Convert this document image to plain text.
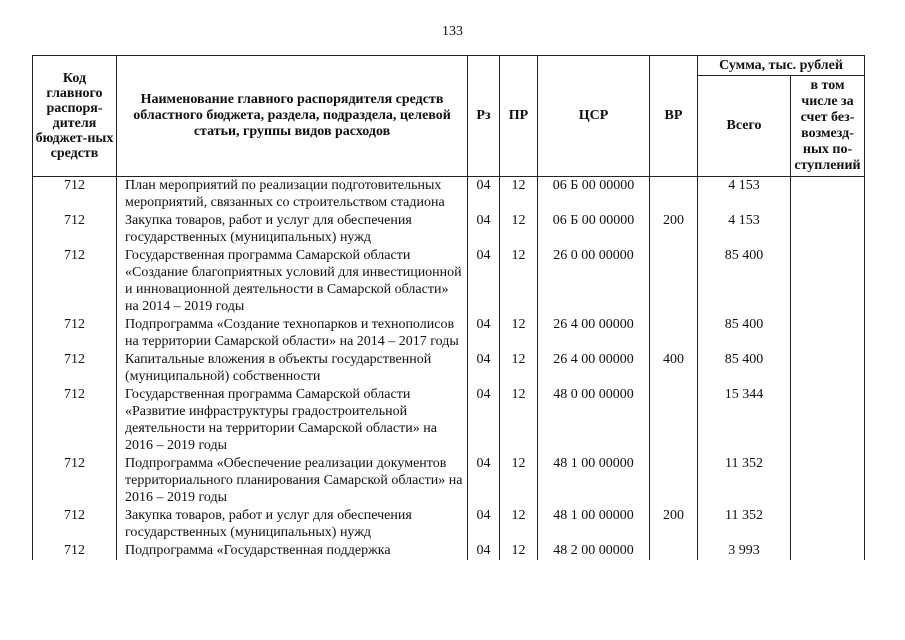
133
Код главного распоря-дителя бюджет-ных средств	Наименование главного распорядителя средств областного бюджета, раздела, подраздела, целевой статьи, группы видов расходов	Рз	ПР	ЦСР	ВР	Сумма, тыс. рублей	
						Всего	в том числе за счет без-возмезд-ных по-ступлений
712	План мероприятий по реализации подготовительных мероприятий, связанных со строительством стадиона	04	12	06 Б 00 00000		4 153	
712	Закупка товаров, работ и услуг для обеспечения государственных (муниципальных) нужд	04	12	06 Б 00 00000	200	4 153	
712	Государственная программа Самарской области «Создание благоприятных условий для инвестиционной и инновационной деятельности в Самарской области» на 2014 – 2019 годы	04	12	26 0 00 00000		85 400	
712	Подпрограмма «Создание технопарков и технополисов на территории Самарской области» на 2014 – 2017 годы	04	12	26 4 00 00000		85 400	
712	Капитальные вложения в объекты государственной (муниципальной) собственности	04	12	26 4 00 00000	400	85 400	
712	Государственная программа Самарской области «Развитие инфраструктуры градостроительной деятельности на территории Самарской области» на 2016 – 2019 годы	04	12	48 0 00 00000		15 344	
712	Подпрограмма «Обеспечение реализации документов территориального планирования Самарской области» на 2016 – 2019 годы	04	12	48 1 00 00000		11 352	
712	Закупка товаров, работ и услуг для обеспечения государственных (муниципальных) нужд	04	12	48 1 00 00000	200	11 352	
712	Подпрограмма «Государственная поддержка	04	12	48 2 00 00000		3 993	
